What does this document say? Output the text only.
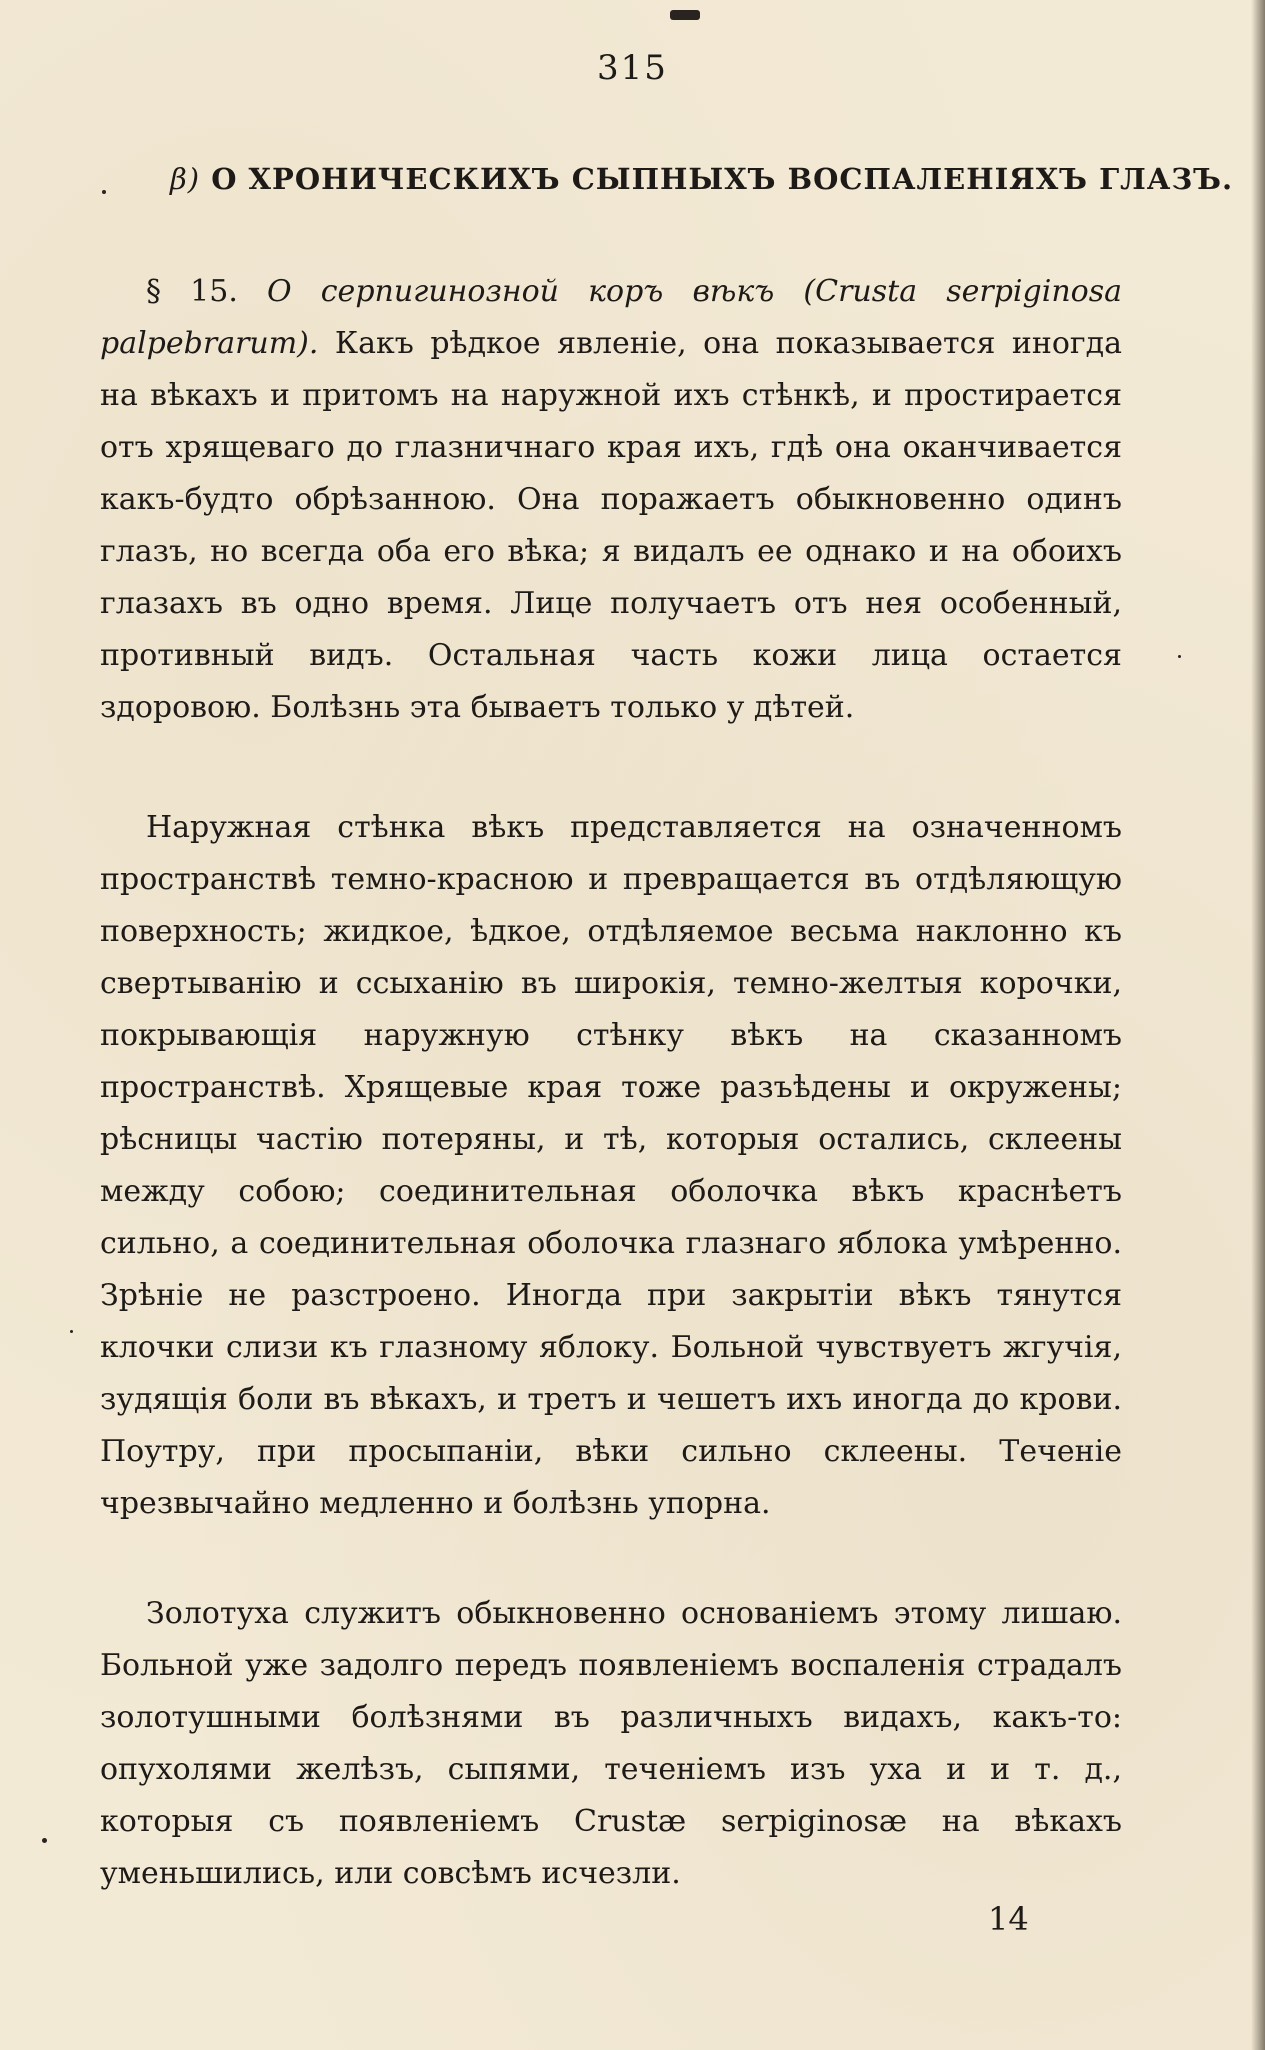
315
β) О ХРОНИЧЕСКИХЪ СЫПНЫХЪ ВОСПАЛЕНІЯХЪ ГЛАЗЪ.

§ 15. О серпигинозной коръ вѣкъ (Crusta serpiginosa palpebrarum). Какъ рѣдкое явленіе, она показывается иногда на вѣкахъ и притомъ на наружной ихъ стѣнкѣ, и простирается отъ хрящеваго до глазничнаго края ихъ, гдѣ она оканчивается какъ-будто обрѣзанною. Она поражаетъ обыкновенно одинъ глазъ, но всегда оба его вѣка; я видалъ ее однако и на обоихъ глазахъ въ одно время. Лице получаетъ отъ нея особенный, противный видъ. Остальная часть кожи лица остается здоровою. Болѣзнь эта бываетъ только у дѣтей.

Наружная стѣнка вѣкъ представляется на означенномъ пространствѣ темно-красною и превращается въ отдѣляющую поверхность; жидкое, ѣдкое, отдѣляемое весьма наклонно къ свертыванію и ссыханію въ широкія, темно-желтыя корочки, покрывающія наружную стѣнку вѣкъ на сказанномъ пространствѣ. Хрящевые края тоже разъѣдены и окружены; рѣсницы частію потеряны, и тѣ, которыя остались, склеены между собою; соединительная оболочка вѣкъ краснѣетъ сильно, а соединительная оболочка глазнаго яблока умѣренно. Зрѣніе не разстроено. Иногда при закрытіи вѣкъ тянутся клочки слизи къ глазному яблоку. Больной чувствуетъ жгучія, зудящія боли въ вѣкахъ, и третъ и чешетъ ихъ иногда до крови. Поутру, при просыпаніи, вѣки сильно склеены. Теченіе чрезвычайно медленно и болѣзнь упорна.

Золотуха служитъ обыкновенно основаніемъ этому лишаю. Больной уже задолго передъ появленіемъ воспаленія страдалъ золотушными болѣзнями въ различныхъ видахъ, какъ-то: опухолями желѣзъ, сыпями, теченіемъ изъ уха и и т. д., которыя съ появленіемъ Crustæ serpiginosæ на вѣкахъ уменьшились, или совсѣмъ исчезли.

14
